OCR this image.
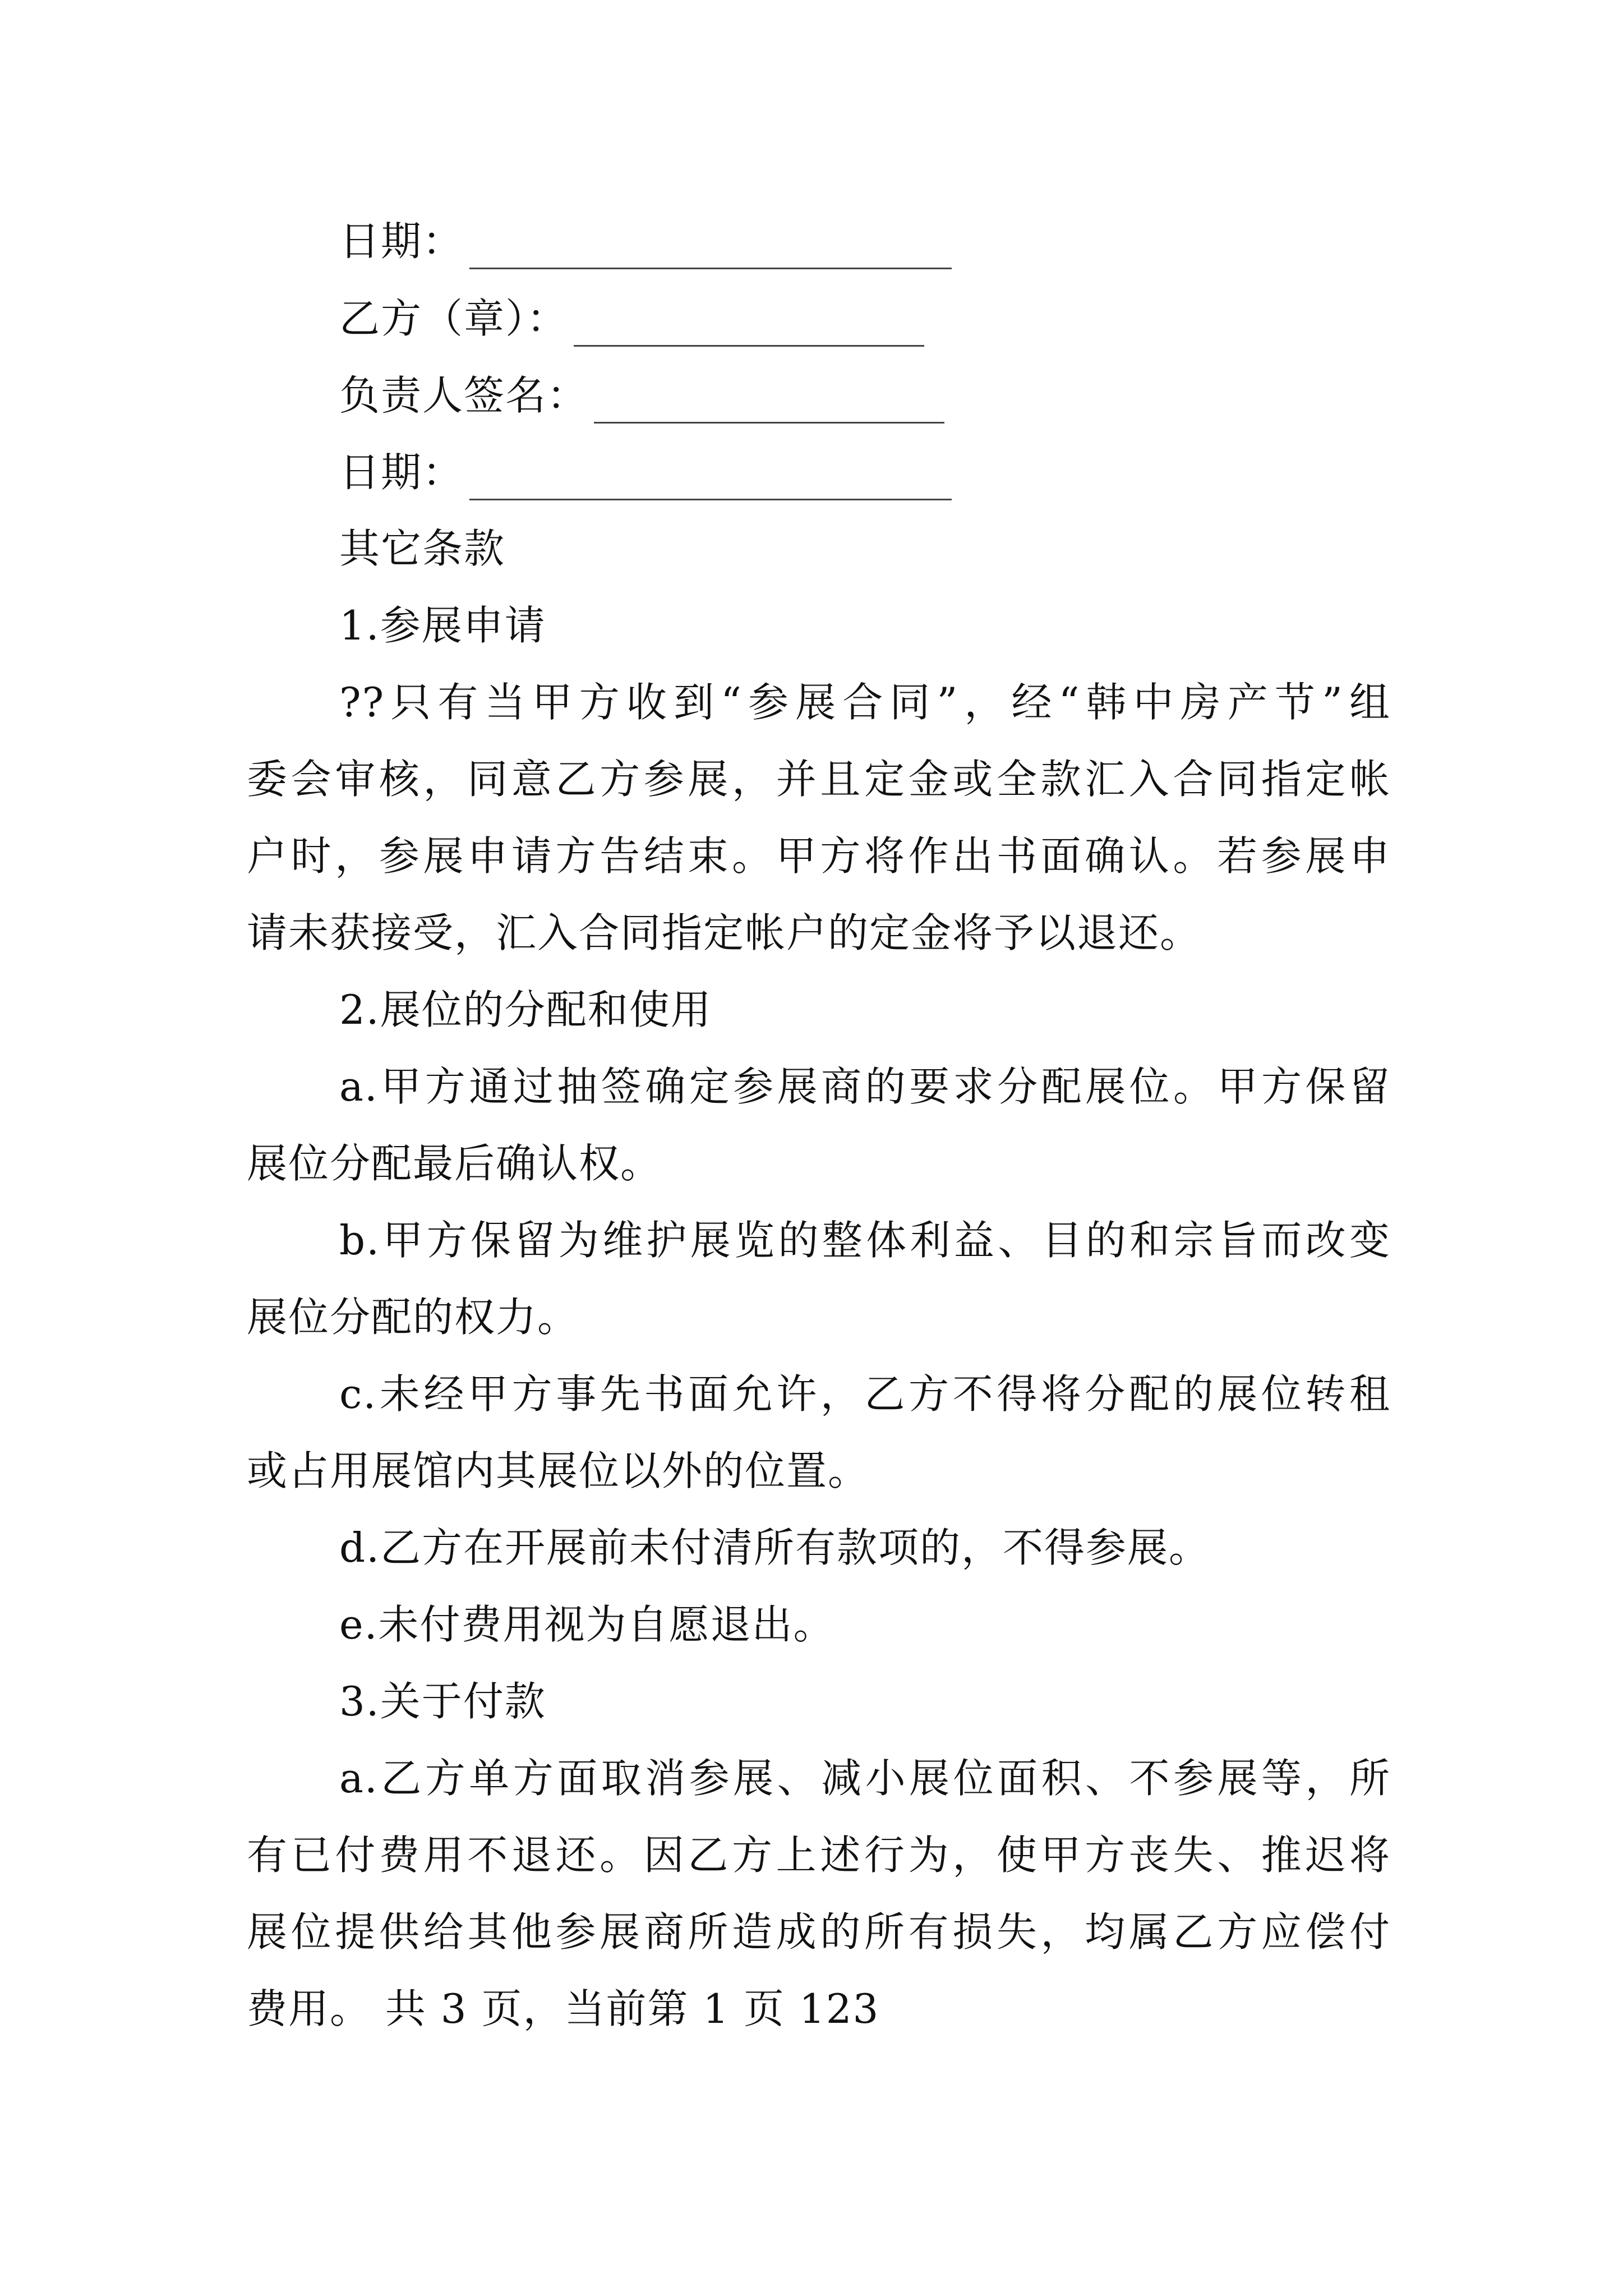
日期：
乙方（章）：
负责人签名：
日期：
其它条款
1.参展申请
??只有当甲方收到“参展合同”，经“韩中房产节”组
委会审核，同意乙方参展，并且定金或全款汇入合同指定帐
户时，参展申请方告结束。甲方将作出书面确认。若参展申
请未获接受，汇入合同指定帐户的定金将予以退还。
2.展位的分配和使用
a.甲方通过抽签确定参展商的要求分配展位。甲方保留
展位分配最后确认权。
b.甲方保留为维护展览的整体利益、目的和宗旨而改变
展位分配的权力。
c.未经甲方事先书面允许，乙方不得将分配的展位转租
或占用展馆内其展位以外的位置。
d.乙方在开展前未付清所有款项的，不得参展。
e.未付费用视为自愿退出。
3.关于付款
a.乙方单方面取消参展、减小展位面积、不参展等，所
有已付费用不退还。因乙方上述行为，使甲方丧失、推迟将
展位提供给其他参展商所造成的所有损失，均属乙方应偿付
费用。 共 3 页，当前第 1 页 123
